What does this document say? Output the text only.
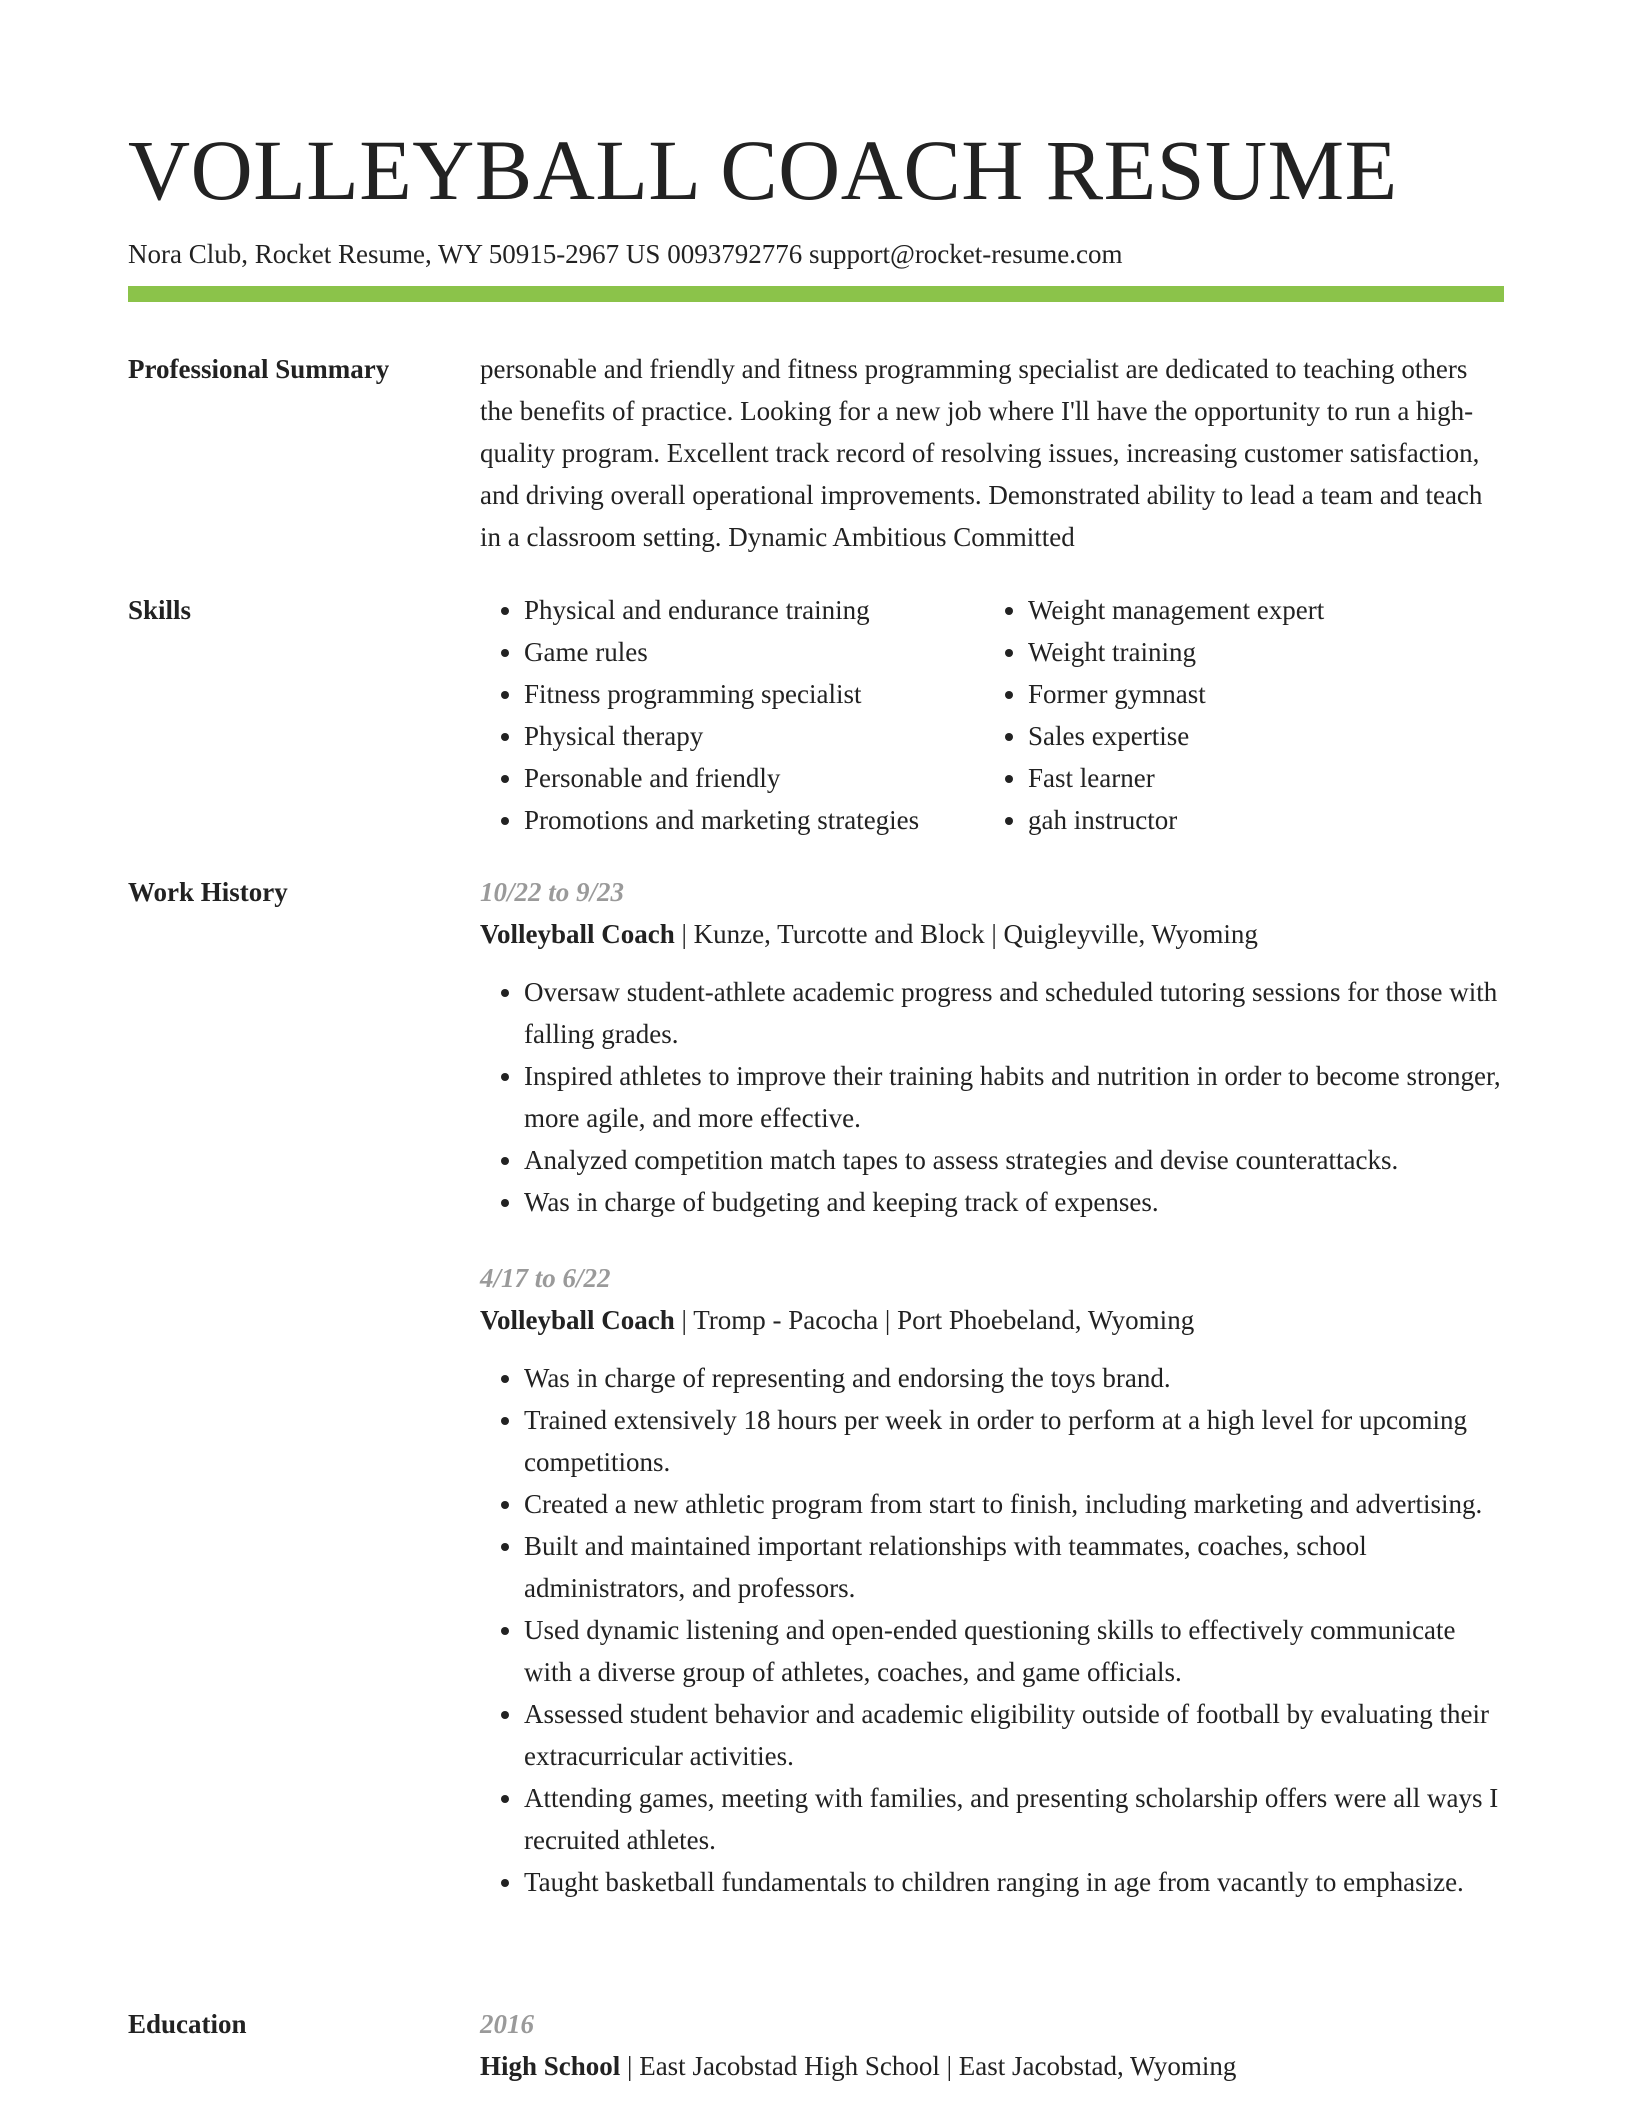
VOLLEYBALL COACH RESUME
Nora Club, Rocket Resume, WY 50915-2967 US 0093792776 support@rocket-resume.com
Professional Summary	personable and friendly and fitness programming specialist are dedicated to teaching others the benefits of practice. Looking for a new job where I'll have the opportunity to run a high-quality program. Excellent track record of resolving issues, increasing customer satisfaction, and driving overall operational improvements. Demonstrated ability to lead a team and teach in a classroom setting. Dynamic Ambitious Committed

Skills
•	Physical and endurance training
• Game rules
• Fitness programming specialist
• Physical therapy
• Personable and friendly
• Promotions and marketing strategies
• Weight management expert
• Weight training
• Former gymnast
• Sales expertise
• Fast learner
• gah instructor
Work History	10/22 to 9/23
Volleyball Coach | Kunze, Turcotte and Block | Quigleyville, Wyoming
• Oversaw student-athlete academic progress and scheduled tutoring sessions for those with falling grades.
• Inspired athletes to improve their training habits and nutrition in order to become stronger, more agile, and more effective.
• Analyzed competition match tapes to assess strategies and devise counterattacks.
• Was in charge of budgeting and keeping track of expenses.
4/17 to 6/22
Volleyball Coach | Tromp - Pacocha | Port Phoebeland, Wyoming
• Was in charge of representing and endorsing the toys brand.
• Trained extensively 18 hours per week in order to perform at a high level for upcoming competitions.
• Created a new athletic program from start to finish, including marketing and advertising.
• Built and maintained important relationships with teammates, coaches, school administrators, and professors.
• Used dynamic listening and open-ended questioning skills to effectively communicate with a diverse group of athletes, coaches, and game officials.
• Assessed student behavior and academic eligibility outside of football by evaluating their extracurricular activities.
• Attending games, meeting with families, and presenting scholarship offers were all ways I recruited athletes.
• Taught basketball fundamentals to children ranging in age from vacantly to emphasize.
Education	2016
High School | East Jacobstad High School | East Jacobstad, Wyoming
